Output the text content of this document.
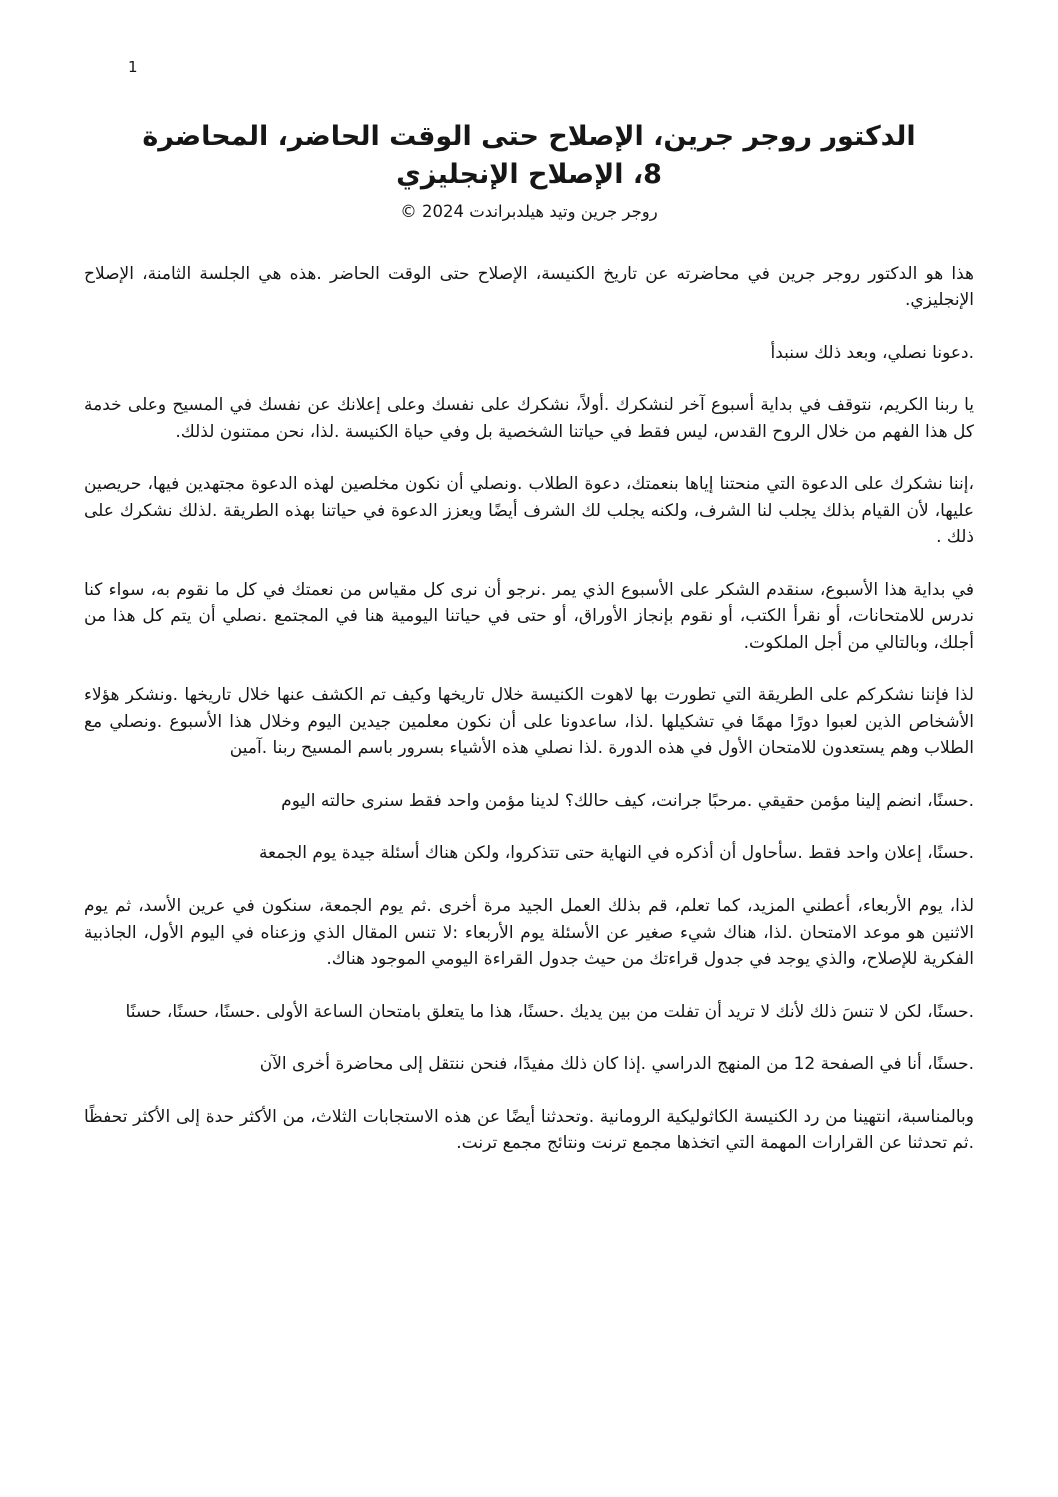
1
الدكتور روجر جرين، الإصلاح حتى الوقت الحاضر، المحاضرة
8، الإصلاح الإنجليزي
روجر جرين وتيد هيلدبراندت 2024 ©

هذا هو الدكتور روجر جرين في محاضرته عن تاريخ الكنيسة، الإصلاح حتى الوقت الحاضر .هذه هي الجلسة الثامنة، الإصلاح الإنجليزي.

.دعونا نصلي، وبعد ذلك سنبدأ

يا ربنا الكريم، نتوقف في بداية أسبوع آخر لنشكرك .أولاً، نشكرك على نفسك وعلى إعلانك عن نفسك في المسيح وعلى خدمة كل هذا الفهم من خلال الروح القدس، ليس فقط في حياتنا الشخصية بل وفي حياة الكنيسة .لذا، نحن ممتنون لذلك.

،إننا نشكرك على الدعوة التي منحتنا إياها بنعمتك، دعوة الطلاب .ونصلي أن نكون مخلصين لهذه الدعوة مجتهدين فيها، حريصين عليها، لأن القيام بذلك يجلب لنا الشرف، ولكنه يجلب لك الشرف أيضًا ويعزز الدعوة في حياتنا بهذه الطريقة .لذلك نشكرك على ذلك .

في بداية هذا الأسبوع، سنقدم الشكر على الأسبوع الذي يمر .نرجو أن نرى كل مقياس من نعمتك في كل ما نقوم به، سواء كنا ندرس للامتحانات، أو نقرأ الكتب، أو نقوم بإنجاز الأوراق، أو حتى في حياتنا اليومية هنا في المجتمع .نصلي أن يتم كل هذا من أجلك، وبالتالي من أجل الملكوت.

لذا فإننا نشكركم على الطريقة التي تطورت بها لاهوت الكنيسة خلال تاريخها وكيف تم الكشف عنها خلال تاريخها .ونشكر هؤلاء الأشخاص الذين لعبوا دورًا مهمًا في تشكيلها .لذا، ساعدونا على أن نكون معلمين جيدين اليوم وخلال هذا الأسبوع .ونصلي مع الطلاب وهم يستعدون للامتحان الأول في هذه الدورة .لذا نصلي هذه الأشياء بسرور باسم المسيح ربنا .آمين

.حسنًا، انضم إلينا مؤمن حقيقي .مرحبًا جرانت، كيف حالك؟ لدينا مؤمن واحد فقط سنرى حالته اليوم

.حسنًا، إعلان واحد فقط .سأحاول أن أذكره في النهاية حتى تتذكروا، ولكن هناك أسئلة جيدة يوم الجمعة

لذا، يوم الأربعاء، أعطني المزيد، كما تعلم، قم بذلك العمل الجيد مرة أخرى .ثم يوم الجمعة، سنكون في عرين الأسد، ثم يوم الاثنين هو موعد الامتحان .لذا، هناك شيء صغير عن الأسئلة يوم الأربعاء :لا تنس المقال الذي وزعناه في اليوم الأول، الجاذبية الفكرية للإصلاح، والذي يوجد في جدول قراءتك من حيث جدول القراءة اليومي الموجود هناك.

.حسنًا، لكن لا تنسَ ذلك لأنك لا تريد أن تفلت من بين يديك .حسنًا، هذا ما يتعلق بامتحان الساعة الأولى .حسنًا، حسنًا، حسنًا

.حسنًا، أنا في الصفحة 12 من المنهج الدراسي .إذا كان ذلك مفيدًا، فنحن ننتقل إلى محاضرة أخرى الآن

وبالمناسبة، انتهينا من رد الكنيسة الكاثوليكية الرومانية .وتحدثنا أيضًا عن هذه الاستجابات الثلاث، من الأكثر حدة إلى الأكثر تحفظًا .ثم تحدثنا عن القرارات المهمة التي اتخذها مجمع ترنت ونتائج مجمع ترنت.
